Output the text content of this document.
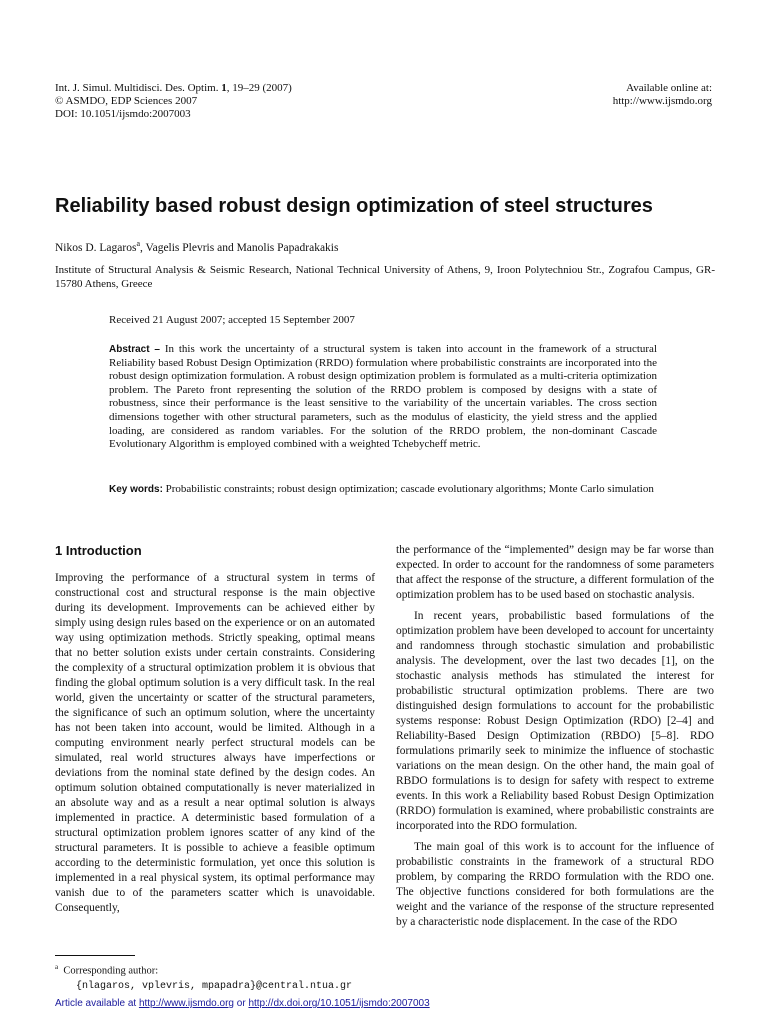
Int. J. Simul. Multidisci. Des. Optim. 1, 19–29 (2007)
© ASMDO, EDP Sciences 2007
DOI: 10.1051/ijsmdo:2007003
Available online at:
http://www.ijsmdo.org
Reliability based robust design optimization of steel structures
Nikos D. Lagaros$^a$, Vagelis Plevris and Manolis Papadrakakis
Institute of Structural Analysis & Seismic Research, National Technical University of Athens, 9, Iroon Polytechniou Str., Zografou Campus, GR-15780 Athens, Greece
Received 21 August 2007; accepted 15 September 2007
Abstract – In this work the uncertainty of a structural system is taken into account in the framework of a structural Reliability based Robust Design Optimization (RRDO) formulation where probabilistic constraints are incorporated into the robust design optimization formulation. A robust design optimization problem is formulated as a multi-criteria optimization problem. The Pareto front representing the solution of the RRDO problem is composed by designs with a state of robustness, since their performance is the least sensitive to the variability of the uncertain variables. The cross section dimensions together with other structural parameters, such as the modulus of elasticity, the yield stress and the applied loading, are considered as random variables. For the solution of the RRDO problem, the non-dominant Cascade Evolutionary Algorithm is employed combined with a weighted Tchebycheff metric.
Key words: Probabilistic constraints; robust design optimization; cascade evolutionary algorithms; Monte Carlo simulation
1 Introduction

Improving the performance of a structural system in terms of constructional cost and structural response is the main objective during its development. Improvements can be achieved either by simply using design rules based on the experience or on an automated way using optimization methods. Strictly speaking, optimal means that no better solution exists under certain constraints. Considering the complexity of a structural optimization problem it is obvious that finding the global optimum solution is a very difficult task. In the real world, given the uncertainty or scatter of the structural parameters, the significance of such an optimum solution, where the uncertainty has not been taken into account, would be limited. Although in a computing environment nearly perfect structural models can be simulated, real world structures always have imperfections or deviations from the nominal state defined by the design codes. An optimum solution obtained computationally is never materialized in an absolute way and as a result a near optimal solution is always implemented in practice. A deterministic based formulation of a structural optimization problem ignores scatter of any kind of the structural parameters. It is possible to achieve a feasible optimum according to the deterministic formulation, yet once this solution is implemented in a real physical system, its optimal performance may vanish due to of the parameters scatter which is unavoidable. Consequently,

the performance of the “implemented” design may be far worse than expected. In order to account for the randomness of some parameters that affect the response of the structure, a different formulation of the optimization problem has to be used based on stochastic analysis.

In recent years, probabilistic based formulations of the optimization problem have been developed to account for uncertainty and randomness through stochastic simulation and probabilistic analysis. The development, over the last two decades [1], on the stochastic analysis methods has stimulated the interest for probabilistic structural optimization problems. There are two distinguished design formulations to account for the probabilistic systems response: Robust Design Optimization (RDO) [2–4] and Reliability-Based Design Optimization (RBDO) [5–8]. RDO formulations primarily seek to minimize the influence of stochastic variations on the mean design. On the other hand, the main goal of RBDO formulations is to design for safety with respect to extreme events. In this work a Reliability based Robust Design Optimization (RRDO) formulation is examined, where probabilistic constraints are incorporated into the RDO formulation.

The main goal of this work is to account for the influence of probabilistic constraints in the framework of a structural RDO problem, by comparing the RRDO formulation with the RDO one. The objective functions considered for both formulations are the weight and the variance of the response of the structure represented by a characteristic node displacement. In the case of the RDO

$^a$ Corresponding author:
{nlagaros, vplevris, mpapadra}@central.ntua.gr
Article available at http://www.ijsmdo.org or http://dx.doi.org/10.1051/ijsmdo:2007003
